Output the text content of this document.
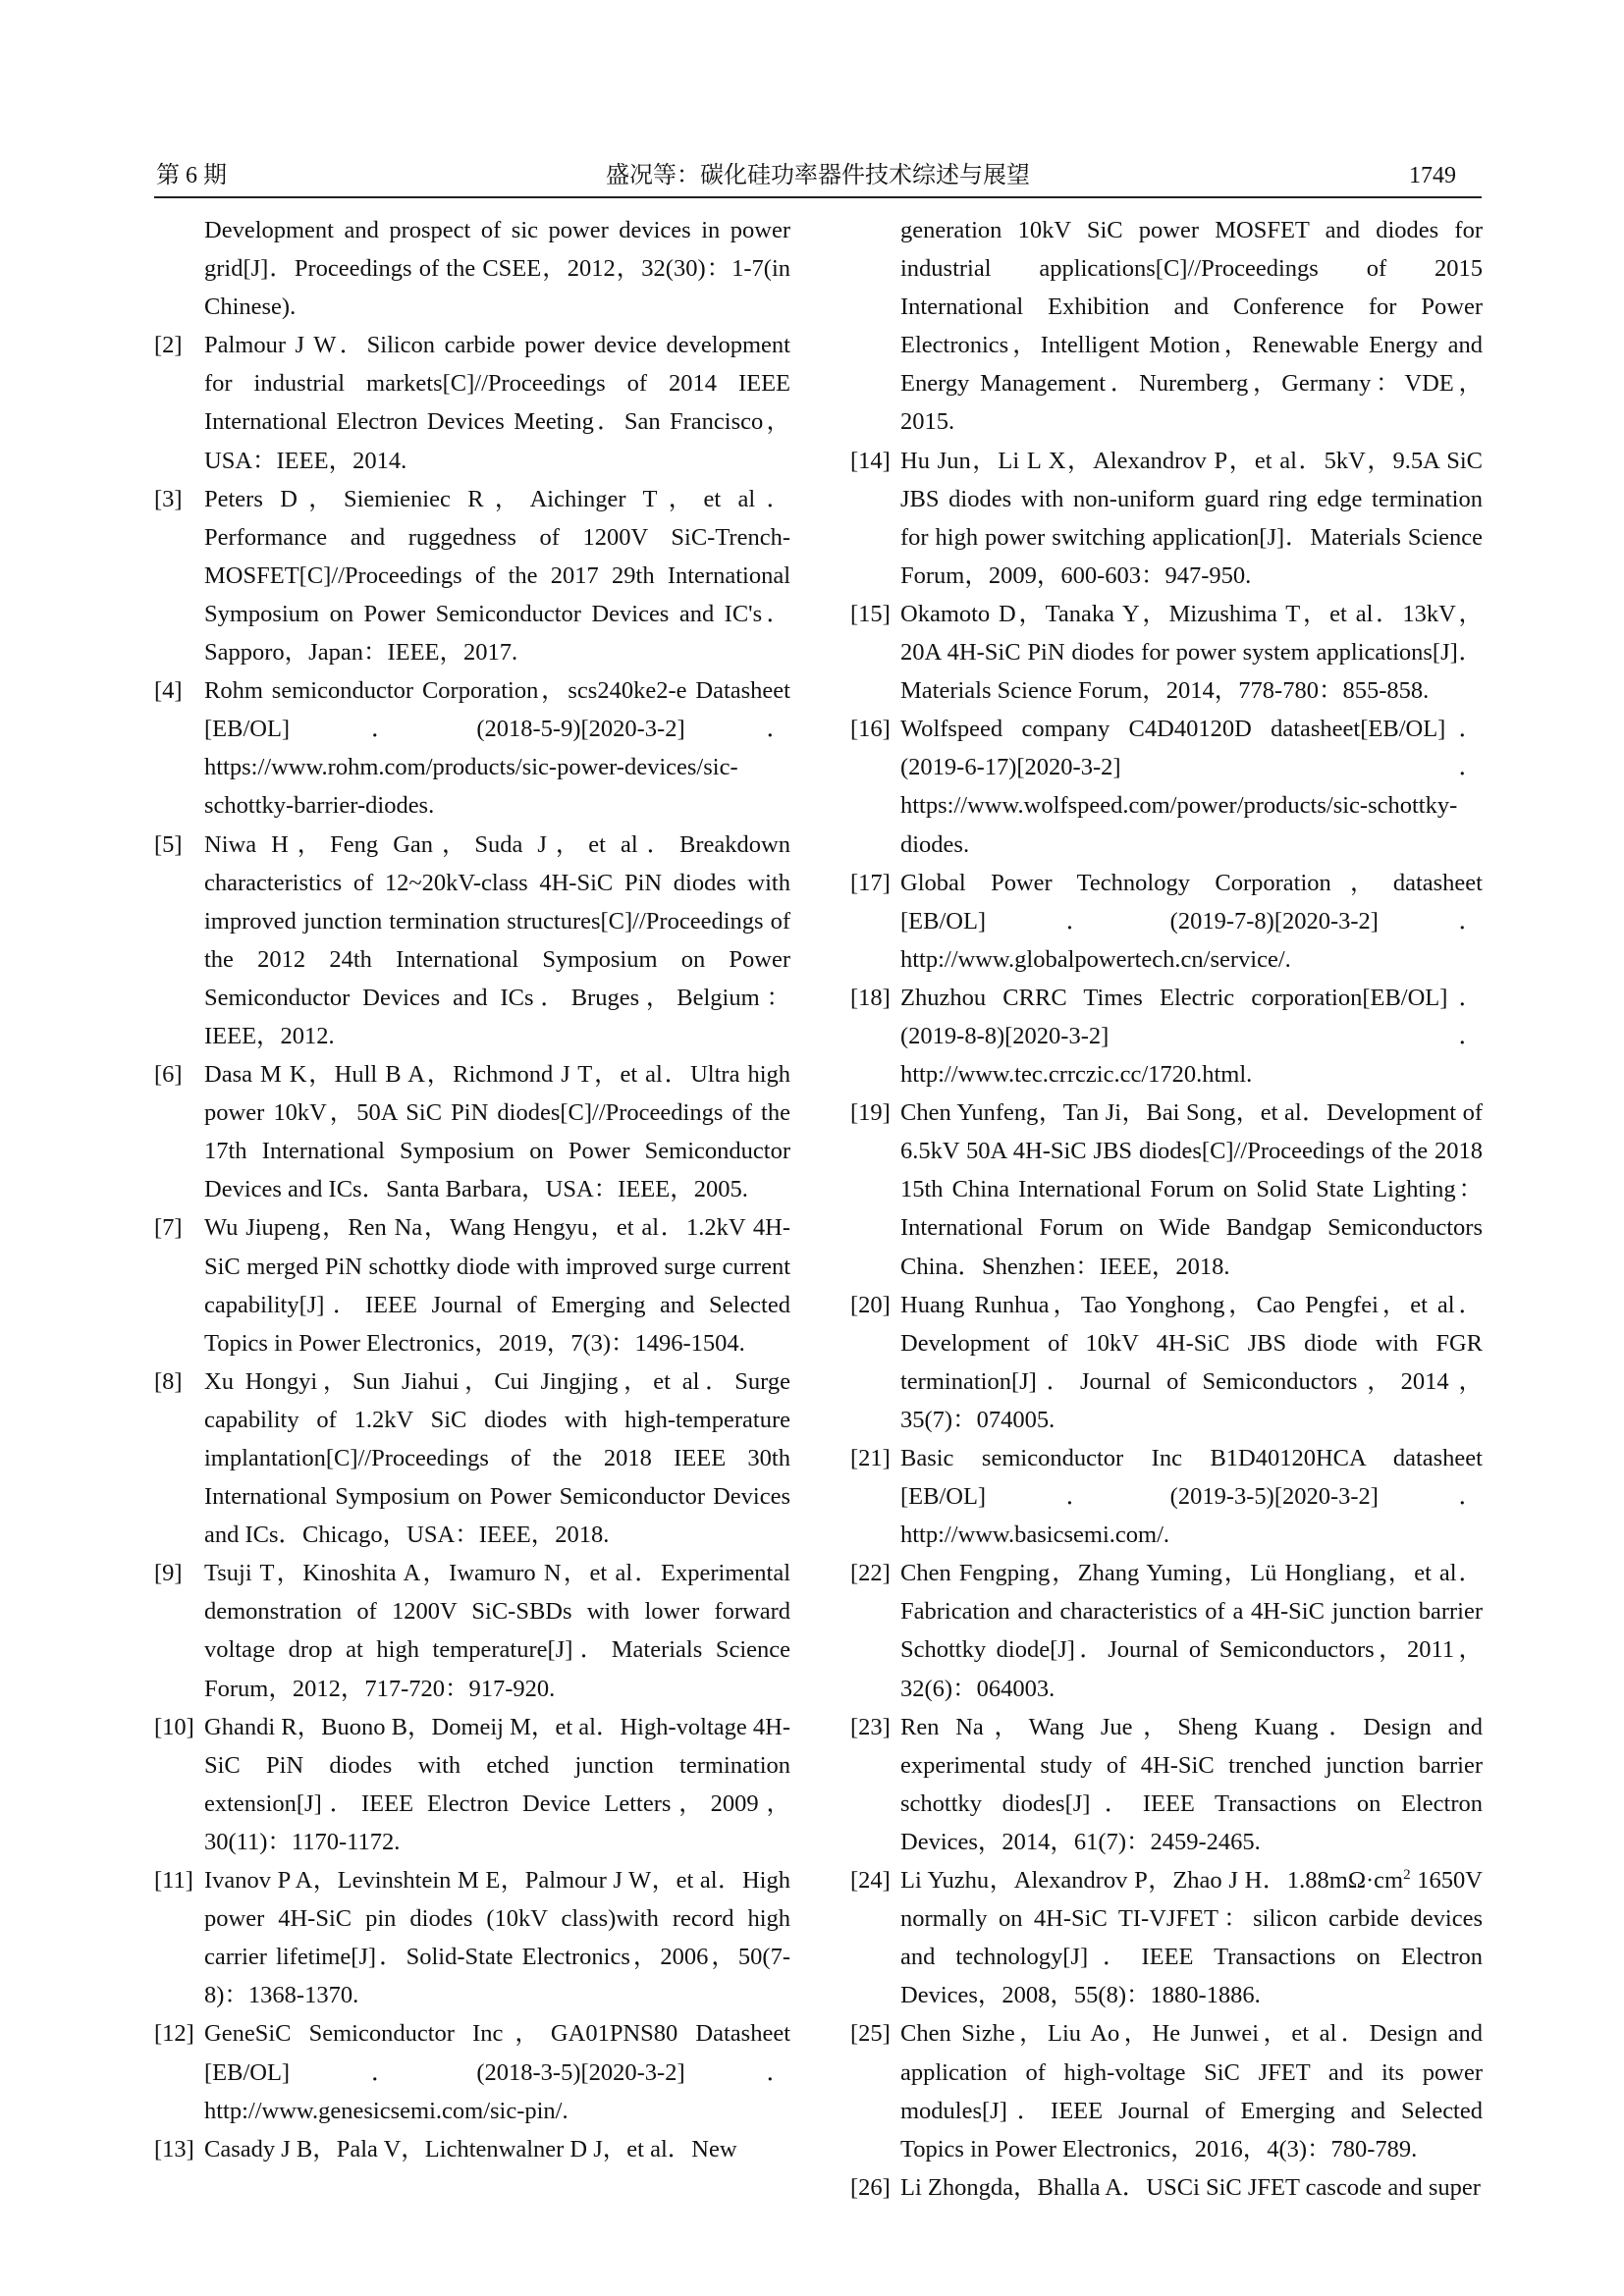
第 6 期	盛况等：碳化硅功率器件技术综述与展望	1749
Development and prospect of sic power devices in power grid[J]．Proceedings of the CSEE，2012，32(30)：1-7(in Chinese).
[2] Palmour J W．Silicon carbide power device development for industrial markets[C]//Proceedings of 2014 IEEE International Electron Devices Meeting．San Francisco，USA：IEEE，2014.
[3] Peters D，Siemieniec R，Aichinger T，et al．Performance and ruggedness of 1200V SiC-Trench-MOSFET[C]//Proceedings of the 2017 29th International Symposium on Power Semiconductor Devices and IC's．Sapporo，Japan：IEEE，2017.
[4] Rohm semiconductor Corporation，scs240ke2-e Datasheet [EB/OL]．(2018-5-9)[2020-3-2]．https://www.rohm.com/products/sic-power-devices/sic-schottky-barrier-diodes.
[5] Niwa H，Feng Gan，Suda J，et al．Breakdown characteristics of 12~20kV-class 4H-SiC PiN diodes with improved junction termination structures[C]//Proceedings of the 2012 24th International Symposium on Power Semiconductor Devices and ICs．Bruges，Belgium：IEEE，2012.
[6] Dasa M K，Hull B A，Richmond J T，et al．Ultra high power 10kV，50A SiC PiN diodes[C]//Proceedings of the 17th International Symposium on Power Semiconductor Devices and ICs．Santa Barbara，USA：IEEE，2005.
[7] Wu Jiupeng，Ren Na，Wang Hengyu，et al．1.2kV 4H-SiC merged PiN schottky diode with improved surge current capability[J]．IEEE Journal of Emerging and Selected Topics in Power Electronics，2019，7(3)：1496-1504.
[8] Xu Hongyi，Sun Jiahui，Cui Jingjing，et al．Surge capability of 1.2kV SiC diodes with high-temperature implantation[C]//Proceedings of the 2018 IEEE 30th International Symposium on Power Semiconductor Devices and ICs．Chicago，USA：IEEE，2018.
[9] Tsuji T，Kinoshita A，Iwamuro N，et al．Experimental demonstration of 1200V SiC-SBDs with lower forward voltage drop at high temperature[J]．Materials Science Forum，2012，717-720：917-920.
[10] Ghandi R，Buono B，Domeij M，et al．High-voltage 4H-SiC PiN diodes with etched junction termination extension[J]．IEEE Electron Device Letters，2009，30(11)：1170-1172.
[11] Ivanov P A，Levinshtein M E，Palmour J W，et al．High power 4H-SiC pin diodes (10kV class)with record high carrier lifetime[J]．Solid-State Electronics，2006，50(7-8)：1368-1370.
[12] GeneSiC Semiconductor Inc，GA01PNS80 Datasheet [EB/OL]．(2018-3-5)[2020-3-2]．http://www.genesicsemi.com/sic-pin/.
[13] Casady J B，Pala V，Lichtenwalner D J，et al．New
generation 10kV SiC power MOSFET and diodes for industrial applications[C]//Proceedings of 2015 International Exhibition and Conference for Power Electronics，Intelligent Motion，Renewable Energy and Energy Management．Nuremberg，Germany：VDE，2015.
[14] Hu Jun，Li L X，Alexandrov P，et al．5kV，9.5A SiC JBS diodes with non-uniform guard ring edge termination for high power switching application[J]．Materials Science Forum，2009，600-603：947-950.
[15] Okamoto D，Tanaka Y，Mizushima T，et al．13kV，20A 4H-SiC PiN diodes for power system applications[J]．Materials Science Forum，2014，778-780：855-858.
[16] Wolfspeed company C4D40120D datasheet[EB/OL]．(2019-6-17)[2020-3-2]．https://www.wolfspeed.com/power/products/sic-schottky-diodes.
[17] Global Power Technology Corporation，datasheet [EB/OL]．(2019-7-8)[2020-3-2]．http://www.globalpowertech.cn/service/.
[18] Zhuzhou CRRC Times Electric corporation[EB/OL]．(2019-8-8)[2020-3-2]．http://www.tec.crrczic.cc/1720.html.
[19] Chen Yunfeng，Tan Ji，Bai Song，et al．Development of 6.5kV 50A 4H-SiC JBS diodes[C]//Proceedings of the 2018 15th China International Forum on Solid State Lighting：International Forum on Wide Bandgap Semiconductors China．Shenzhen：IEEE，2018.
[20] Huang Runhua，Tao Yonghong，Cao Pengfei，et al．Development of 10kV 4H-SiC JBS diode with FGR termination[J]．Journal of Semiconductors，2014，35(7)：074005.
[21] Basic semiconductor Inc B1D40120HCA datasheet [EB/OL]．(2019-3-5)[2020-3-2]．http://www.basicsemi.com/.
[22] Chen Fengping，Zhang Yuming，Lü Hongliang，et al．Fabrication and characteristics of a 4H-SiC junction barrier Schottky diode[J]．Journal of Semiconductors，2011，32(6)：064003.
[23] Ren Na，Wang Jue，Sheng Kuang．Design and experimental study of 4H-SiC trenched junction barrier schottky diodes[J]．IEEE Transactions on Electron Devices，2014，61(7)：2459-2465.
[24] Li Yuzhu，Alexandrov P，Zhao J H．$1.88m\Omega\cdot cm^2$ 1650V normally on 4H-SiC TI-VJFET：silicon carbide devices and technology[J]．IEEE Transactions on Electron Devices，2008，55(8)：1880-1886.
[25] Chen Sizhe，Liu Ao，He Junwei，et al．Design and application of high-voltage SiC JFET and its power modules[J]．IEEE Journal of Emerging and Selected Topics in Power Electronics，2016，4(3)：780-789.
[26] Li Zhongda，Bhalla A．USCi SiC JFET cascode and super
